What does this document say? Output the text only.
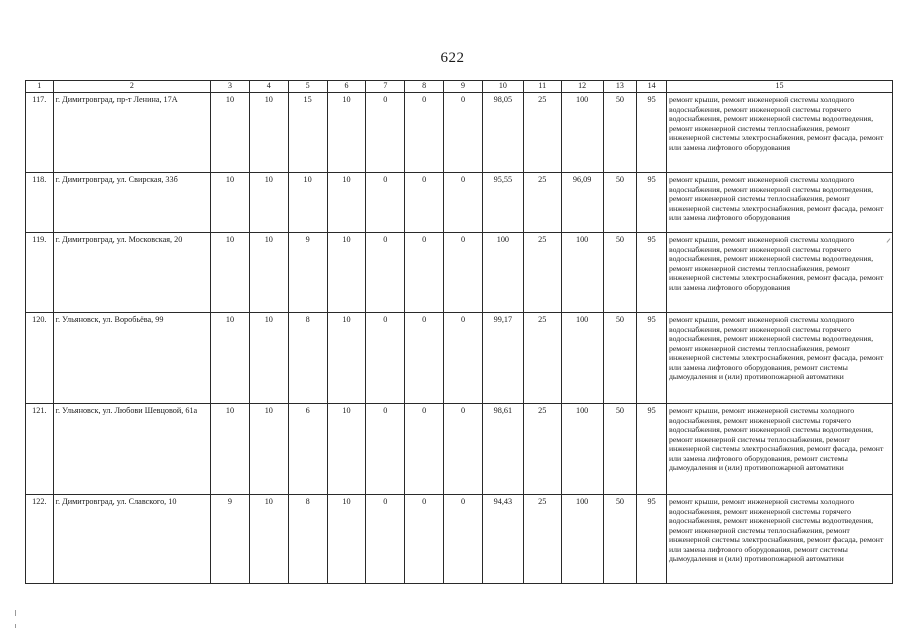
622
1	2	3	4	5	6	7	8	9	10	11	12	13	14	15
117.	г. Димитровград, пр-т Ленина, 17А	10	10	15	10	0	0	0	98,05	25	100	50	95	ремонт крыши, ремонт инженерной системы холодного водоснабжения, ремонт инженерной системы горячего водоснабжения, ремонт инженерной системы водоотведения, ремонт инженерной системы теплоснабжения, ремонт инженерной системы электроснабжения, ремонт фасада, ремонт или замена лифтового оборудования
118.	г. Димитровград, ул. Свирская, 33б	10	10	10	10	0	0	0	95,55	25	96,09	50	95	ремонт крыши, ремонт инженерной системы холодного водоснабжения, ремонт инженерной системы водоотведения, ремонт инженерной системы теплоснабжения, ремонт инженерной системы электроснабжения, ремонт фасада, ремонт или замена лифтового оборудования
119.	г. Димитровград, ул. Московская, 20	10	10	9	10	0	0	0	100	25	100	50	95	ремонт крыши, ремонт инженерной системы холодного водоснабжения, ремонт инженерной системы горячего водоснабжения, ремонт инженерной системы водоотведения, ремонт инженерной системы теплоснабжения, ремонт инженерной системы электроснабжения, ремонт фасада, ремонт или замена лифтового оборудования
120.	г. Ульяновск, ул. Воробьёва, 99	10	10	8	10	0	0	0	99,17	25	100	50	95	ремонт крыши, ремонт инженерной системы холодного водоснабжения, ремонт инженерной системы горячего водоснабжения, ремонт инженерной системы водоотведения, ремонт инженерной системы теплоснабжения, ремонт инженерной системы электроснабжения, ремонт фасада, ремонт или замена лифтового оборудования, ремонт системы дымоудаления и (или) противопожарной автоматики
121.	г. Ульяновск, ул. Любови Шевцовой, 61а	10	10	6	10	0	0	0	98,61	25	100	50	95	ремонт крыши, ремонт инженерной системы холодного водоснабжения, ремонт инженерной системы горячего водоснабжения, ремонт инженерной системы водоотведения, ремонт инженерной системы теплоснабжения, ремонт инженерной системы электроснабжения, ремонт фасада, ремонт или замена лифтового оборудования, ремонт системы дымоудаления и (или) противопожарной автоматики
122.	г. Димитровград, ул. Славского, 10	9	10	8	10	0	0	0	94,43	25	100	50	95	ремонт крыши, ремонт инженерной системы холодного водоснабжения, ремонт инженерной системы горячего водоснабжения, ремонт инженерной системы водоотведения, ремонт инженерной системы теплоснабжения, ремонт инженерной системы электроснабжения, ремонт фасада, ремонт или замена лифтового оборудования, ремонт системы дымоудаления и (или) противопожарной автоматики
